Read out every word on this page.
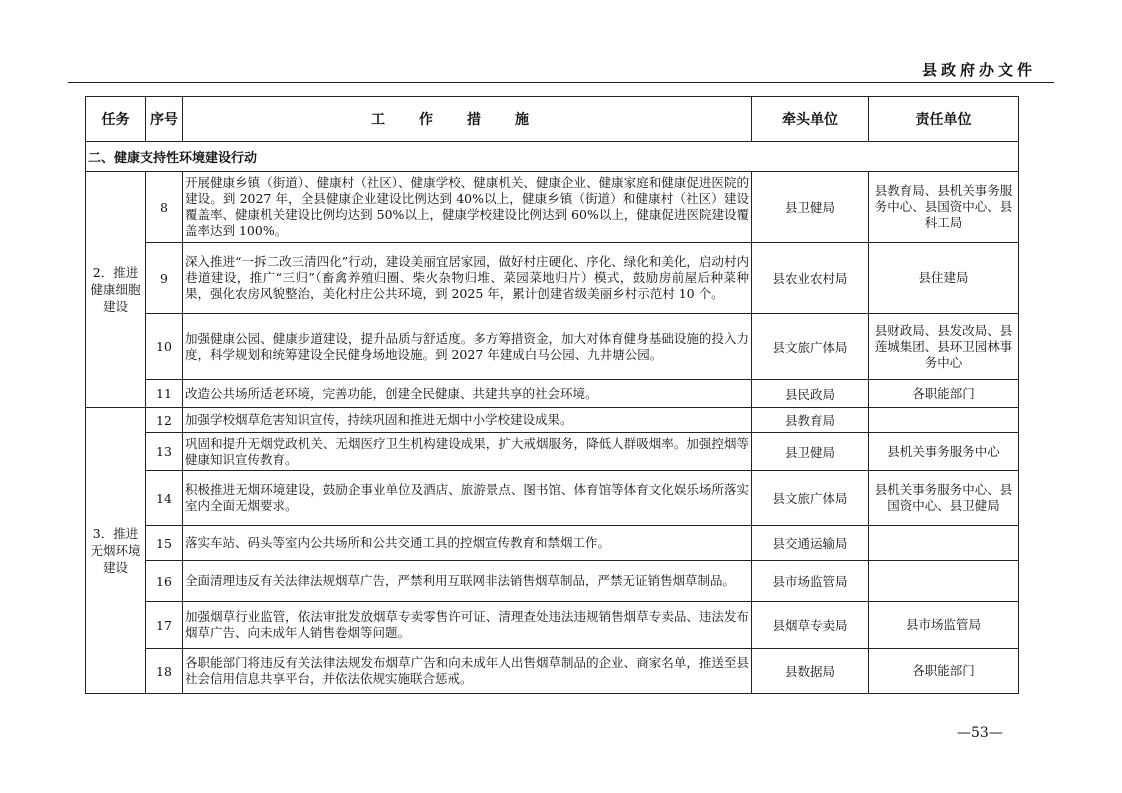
县政府办文件
任务	序号	工作措施	牵头单位	责任单位
二、健康支持性环境建设行动				
2．推进健康细胞建设	8	开展健康乡镇（街道）、健康村（社区）、健康学校、健康机关、健康企业、健康家庭和健康促进医院的建设。到 2027 年，全县健康企业建设比例达到 40%以上，健康乡镇（街道）和健康村（社区）建设覆盖率、健康机关建设比例均达到 50%以上，健康学校建设比例达到 60%以上，健康促进医院建设覆盖率达到 100%。	县卫健局	县教育局、县机关事务服务中心、县国资中心、县科工局
	9	深入推进“一拆二改三清四化”行动，建设美丽宜居家园，做好村庄硬化、序化、绿化和美化，启动村内巷道建设，推广“三归”（畜禽养殖归圈、柴火杂物归堆、菜园菜地归片）模式，鼓励房前屋后种菜种果，强化农房风貌整治，美化村庄公共环境，到 2025 年，累计创建省级美丽乡村示范村 10 个。	县农业农村局	县住建局
	10	加强健康公园、健康步道建设，提升品质与舒适度。多方筹措资金，加大对体育健身基础设施的投入力度，科学规划和统筹建设全民健身场地设施。到 2027 年建成白马公园、九井塘公园。	县文旅广体局	县财政局、县发改局、县莲城集团、县环卫园林事务中心
	11	改造公共场所适老环境，完善功能，创建全民健康、共建共享的社会环境。	县民政局	各职能部门
3．推进无烟环境建设	12	加强学校烟草危害知识宣传，持续巩固和推进无烟中小学校建设成果。	县教育局	
	13	巩固和提升无烟党政机关、无烟医疗卫生机构建设成果，扩大戒烟服务，降低人群吸烟率。加强控烟等健康知识宣传教育。	县卫健局	县机关事务服务中心
	14	积极推进无烟环境建设，鼓励企事业单位及酒店、旅游景点、图书馆、体育馆等体育文化娱乐场所落实室内全面无烟要求。	县文旅广体局	县机关事务服务中心、县国资中心、县卫健局
	15	落实车站、码头等室内公共场所和公共交通工具的控烟宣传教育和禁烟工作。	县交通运输局	
	16	全面清理违反有关法律法规烟草广告，严禁利用互联网非法销售烟草制品，严禁无证销售烟草制品。	县市场监管局	
	17	加强烟草行业监管，依法审批发放烟草专卖零售许可证、清理查处违法违规销售烟草专卖品、违法发布烟草广告、向未成年人销售卷烟等问题。	县烟草专卖局	县市场监管局
	18	各职能部门将违反有关法律法规发布烟草广告和向未成年人出售烟草制品的企业、商家名单，推送至县社会信用信息共享平台，并依法依规实施联合惩戒。	县数据局	各职能部门
—53—
